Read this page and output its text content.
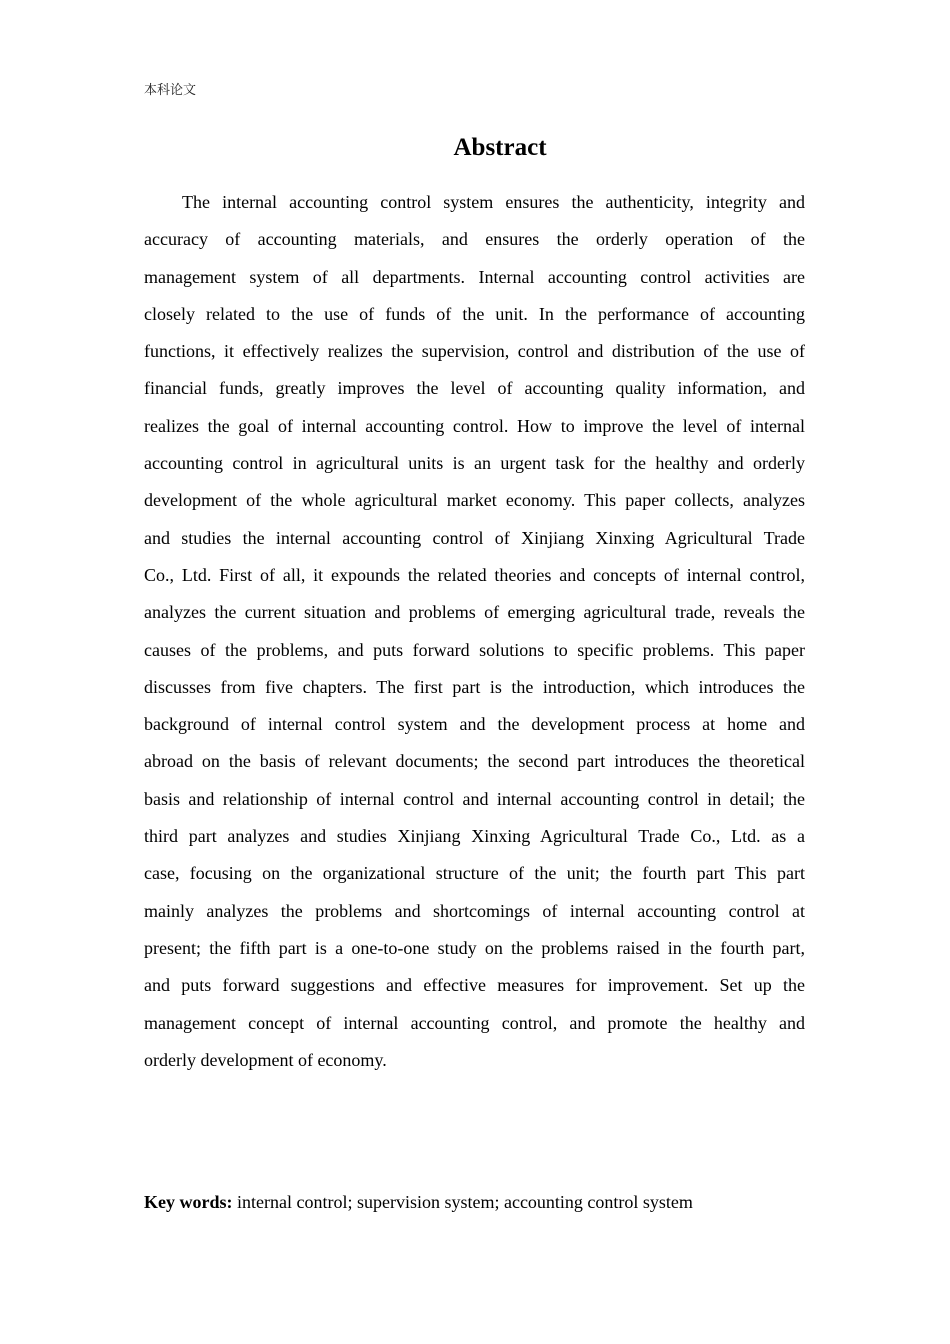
本科论文
Abstract
The internal accounting control system ensures the authenticity, integrity and
accuracy of accounting materials, and ensures the orderly operation of the
management system of all departments. Internal accounting control activities are
closely related to the use of funds of the unit. In the performance of accounting
functions, it effectively realizes the supervision, control and distribution of the use of
financial funds, greatly improves the level of accounting quality information, and
realizes the goal of internal accounting control. How to improve the level of internal
accounting control in agricultural units is an urgent task for the healthy and orderly
development of the whole agricultural market economy. This paper collects, analyzes
and studies the internal accounting control of Xinjiang Xinxing Agricultural Trade
Co., Ltd. First of all, it expounds the related theories and concepts of internal control,
analyzes the current situation and problems of emerging agricultural trade, reveals the
causes of the problems, and puts forward solutions to specific problems. This paper
discusses from five chapters. The first part is the introduction, which introduces the
background of internal control system and the development process at home and
abroad on the basis of relevant documents; the second part introduces the theoretical
basis and relationship of internal control and internal accounting control in detail; the
third part analyzes and studies Xinjiang Xinxing Agricultural Trade Co., Ltd. as a
case, focusing on the organizational structure of the unit; the fourth part This part
mainly analyzes the problems and shortcomings of internal accounting control at
present; the fifth part is a one-to-one study on the problems raised in the fourth part,
and puts forward suggestions and effective measures for improvement. Set up the
management concept of internal accounting control, and promote the healthy and
orderly development of economy.
Key words: internal control; supervision system; accounting control system
